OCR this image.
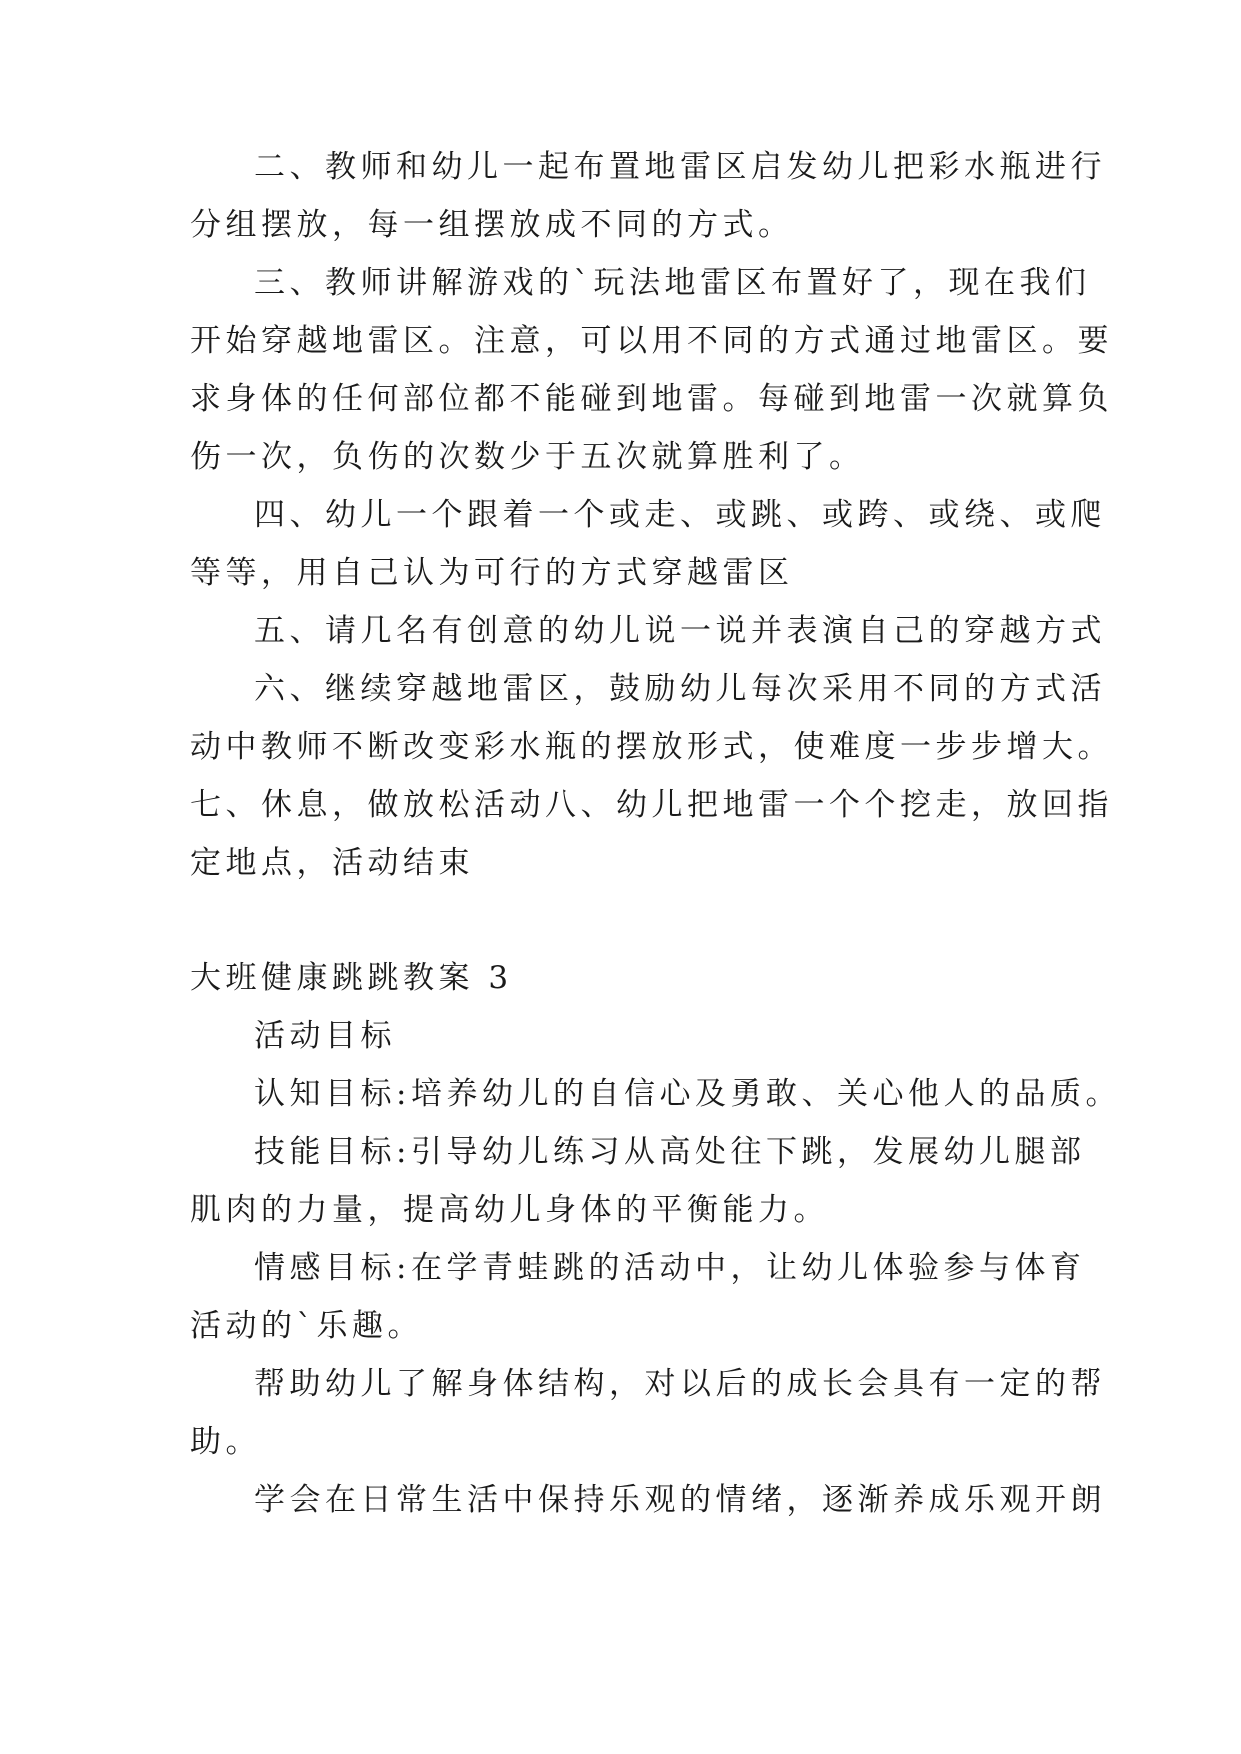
二、教师和幼儿一起布置地雷区启发幼儿把彩水瓶进行

分组摆放，每一组摆放成不同的方式。

三、教师讲解游戏的`玩法地雷区布置好了，现在我们

开始穿越地雷区。注意，可以用不同的方式通过地雷区。要

求身体的任何部位都不能碰到地雷。每碰到地雷一次就算负

伤一次，负伤的次数少于五次就算胜利了。

四、幼儿一个跟着一个或走、或跳、或跨、或绕、或爬

等等，用自己认为可行的方式穿越雷区

五、请几名有创意的幼儿说一说并表演自己的穿越方式

六、继续穿越地雷区，鼓励幼儿每次采用不同的方式活

动中教师不断改变彩水瓶的摆放形式，使难度一步步增大。

七、休息，做放松活动八、幼儿把地雷一个个挖走，放回指

定地点，活动结束

大班健康跳跳教案 3

活动目标

认知目标:培养幼儿的自信心及勇敢、关心他人的品质。

技能目标:引导幼儿练习从高处往下跳，发展幼儿腿部

肌肉的力量，提高幼儿身体的平衡能力。

情感目标:在学青蛙跳的活动中，让幼儿体验参与体育

活动的`乐趣。

帮助幼儿了解身体结构，对以后的成长会具有一定的帮

助。

学会在日常生活中保持乐观的情绪，逐渐养成乐观开朗
